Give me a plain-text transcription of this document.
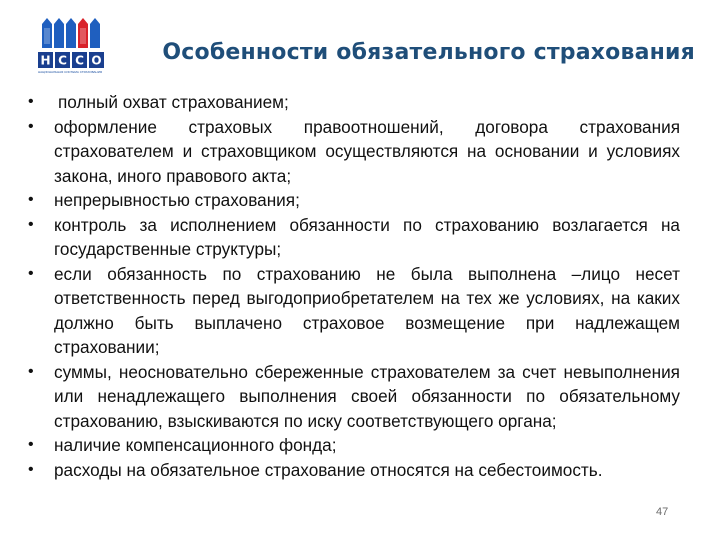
Н С С О
НАЦИОНАЛЬНАЯ СИСТЕМА СТРАХОВАНИЯ
Особенности обязательного страхования
• полный охват страхованием;
• оформление страховых правоотношений, договора страхования страхователем и страховщиком осуществляются на основании и условиях закона, иного правового акта;
• непрерывностью страхования;
• контроль за исполнением обязанности по страхованию возлагается на государственные структуры;
• если обязанность по страхованию не была выполнена –лицо несет ответственность перед выгодоприобретателем на тех же условиях, на каких должно быть выплачено страховое возмещение при надлежащем страховании;
• суммы, неосновательно сбереженные страхователем за счет невыполнения или ненадлежащего выполнения своей обязанности по обязательному страхованию, взыскиваются по иску соответствующего органа;
• наличие компенсационного фонда;
• расходы на обязательное страхование относятся на себестоимость.
47
